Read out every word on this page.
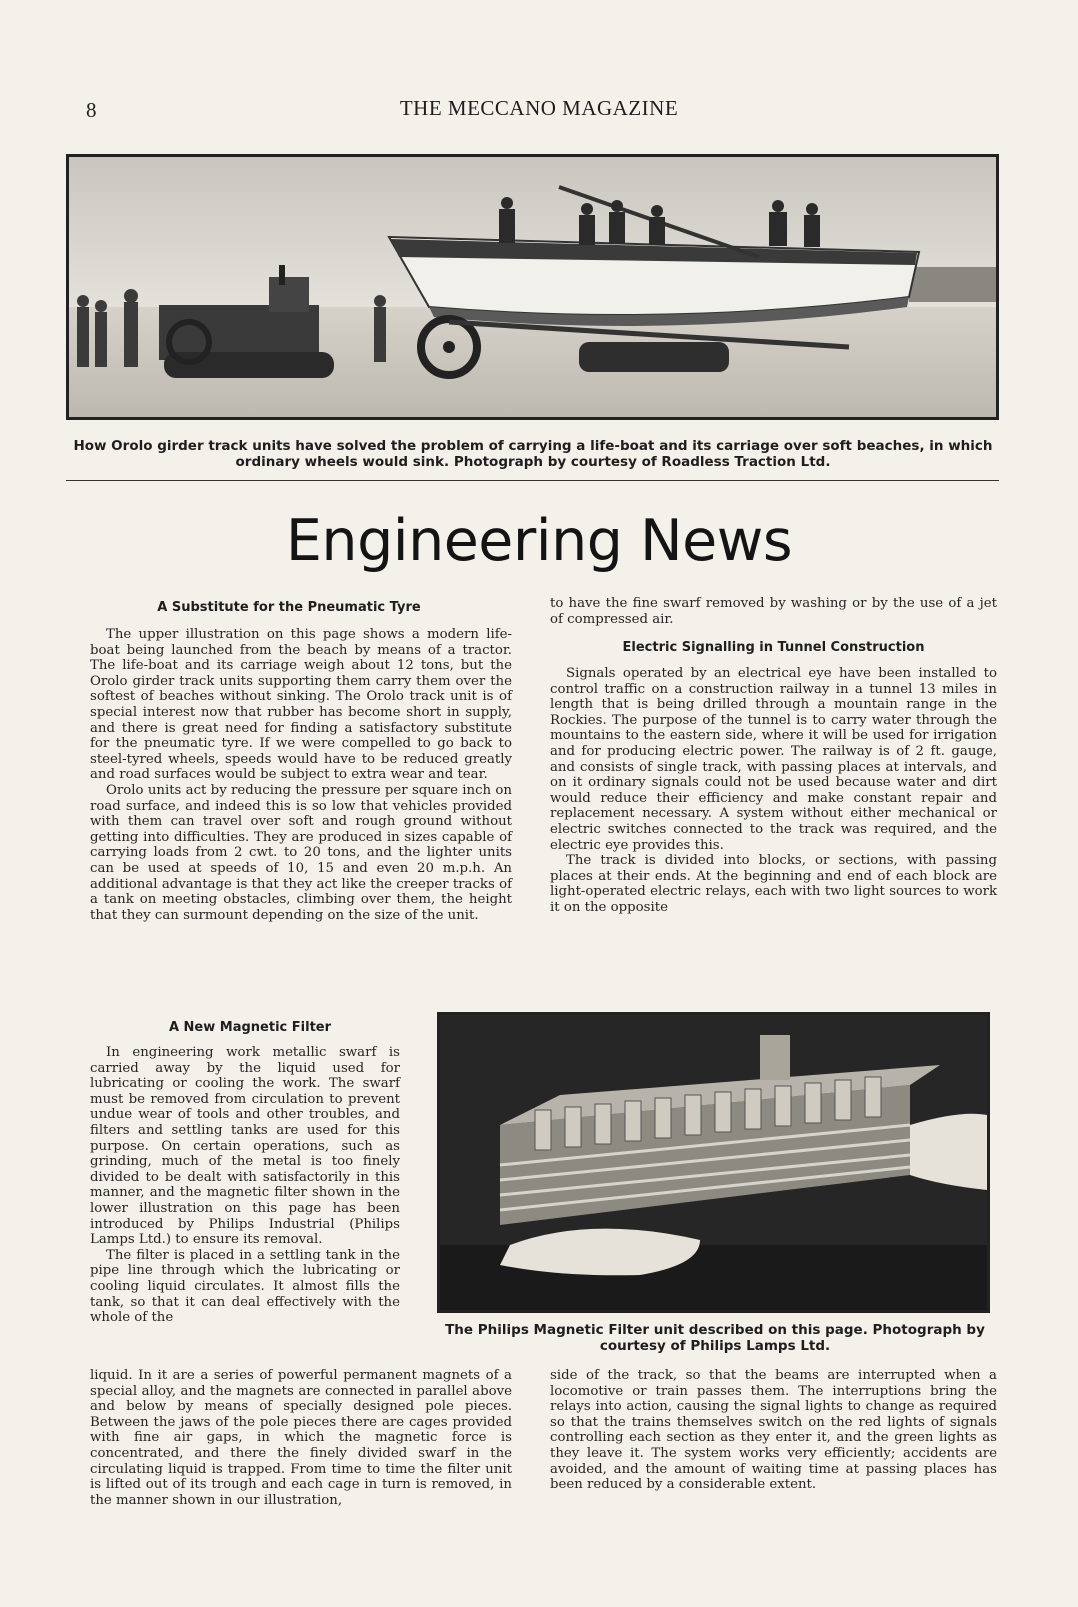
8	THE MECCANO MAGAZINE
How Orolo girder track units have solved the problem of carrying a life-boat and its carriage over soft beaches, in which ordinary wheels would sink. Photograph by courtesy of Roadless Traction Ltd.
Engineering News
A Substitute for the Pneumatic Tyre

The upper illustration on this page shows a modern life-boat being launched from the beach by means of a tractor. The life-boat and its carriage weigh about 12 tons, but the Orolo girder track units supporting them carry them over the softest of beaches without sinking. The Orolo track unit is of special interest now that rubber has become short in supply, and there is great need for finding a satisfactory substitute for the pneumatic tyre. If we were compelled to go back to steel-tyred wheels, speeds would have to be reduced greatly and road surfaces would be subject to extra wear and tear.

Orolo units act by reducing the pressure per square inch on road surface, and indeed this is so low that vehicles provided with them can travel over soft and rough ground without getting into difficulties. They are produced in sizes capable of carrying loads from 2 cwt. to 20 tons, and the lighter units can be used at speeds of 10, 15 and even 20 m.p.h. An additional advantage is that they act like the creeper tracks of a tank on meeting obstacles, climbing over them, the height that they can surmount depending on the size of the unit.

A New Magnetic Filter

In engineering work metallic swarf is carried away by the liquid used for lubricating or cooling the work. The swarf must be removed from circulation to prevent undue wear of tools and other troubles, and filters and settling tanks are used for this purpose. On certain operations, such as grinding, much of the metal is too finely divided to be dealt with satisfactorily in this manner, and the magnetic filter shown in the lower illustration on this page has been introduced by Philips Industrial (Philips Lamps Ltd.) to ensure its removal.

The filter is placed in a settling tank in the pipe line through which the lubricating or cooling liquid circulates. It almost fills the tank, so that it can deal effectively with the whole of the

liquid. In it are a series of powerful permanent magnets of a special alloy, and the magnets are connected in parallel above and below by means of specially designed pole pieces. Between the jaws of the pole pieces there are cages provided with fine air gaps, in which the magnetic force is concentrated, and there the finely divided swarf in the circulating liquid is trapped. From time to time the filter unit is lifted out of its trough and each cage in turn is removed, in the manner shown in our illustration,

to have the fine swarf removed by washing or by the use of a jet of compressed air.

Electric Signalling in Tunnel Construction

Signals operated by an electrical eye have been installed to control traffic on a construction railway in a tunnel 13 miles in length that is being drilled through a mountain range in the Rockies. The purpose of the tunnel is to carry water through the mountains to the eastern side, where it will be used for irrigation and for producing electric power. The railway is of 2 ft. gauge, and consists of single track, with passing places at intervals, and on it ordinary signals could not be used because water and dirt would reduce their efficiency and make constant repair and replacement necessary. A system without either mechanical or electric switches connected to the track was required, and the electric eye provides this.

The track is divided into blocks, or sections, with passing places at their ends. At the beginning and end of each block are light-operated electric relays, each with two light sources to work it on the opposite

The Philips Magnetic Filter unit described on this page. Photograph by courtesy of Philips Lamps Ltd.

side of the track, so that the beams are interrupted when a locomotive or train passes them. The interruptions bring the relays into action, causing the signal lights to change as required so that the trains themselves switch on the red lights of signals controlling each section as they enter it, and the green lights as they leave it. The system works very efficiently; accidents are avoided, and the amount of waiting time at passing places has been reduced by a considerable extent.
